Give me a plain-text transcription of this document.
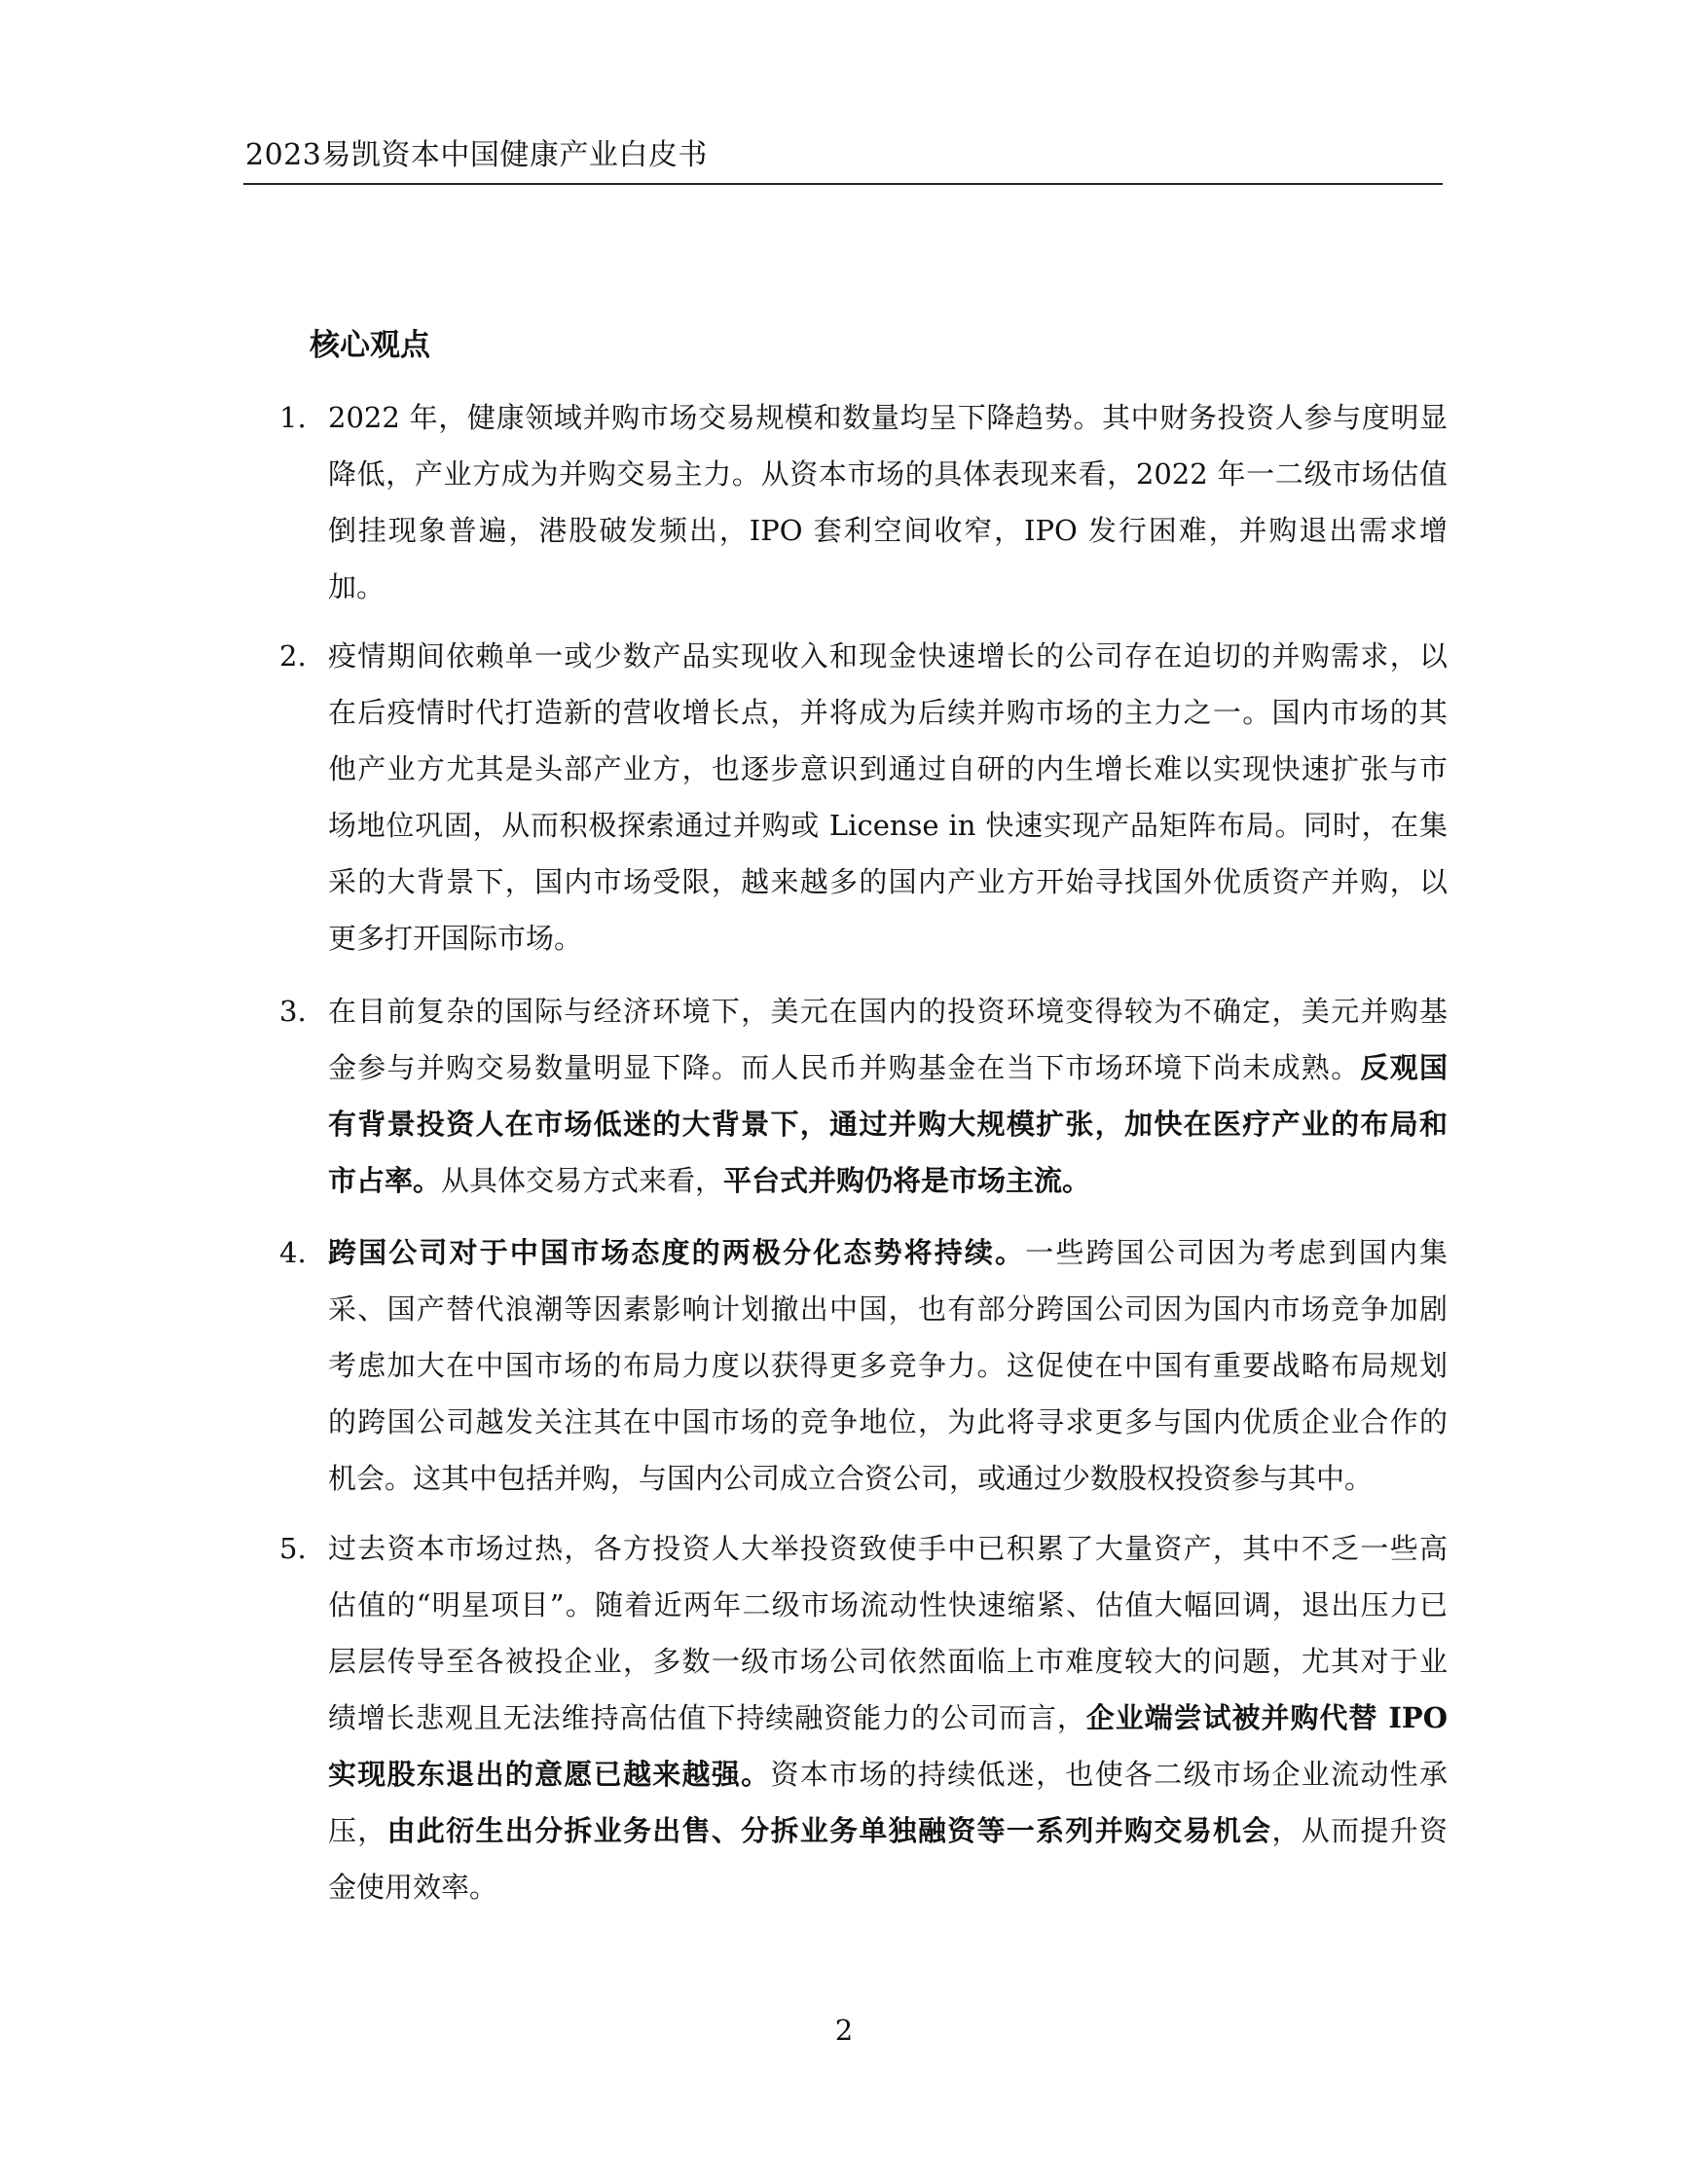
2023易凯资本中国健康产业白皮书
核心观点
1. 2022 年，健康领域并购市场交易规模和数量均呈下降趋势。其中财务投资人参与度明显
降低，产业方成为并购交易主力。从资本市场的具体表现来看，2022 年一二级市场估值
倒挂现象普遍，港股破发频出，IPO 套利空间收窄，IPO 发行困难，并购退出需求增
加。
2. 疫情期间依赖单一或少数产品实现收入和现金快速增长的公司存在迫切的并购需求，以
在后疫情时代打造新的营收增长点，并将成为后续并购市场的主力之一。国内市场的其
他产业方尤其是头部产业方，也逐步意识到通过自研的内生增长难以实现快速扩张与市
场地位巩固，从而积极探索通过并购或 License in 快速实现产品矩阵布局。同时，在集
采的大背景下，国内市场受限，越来越多的国内产业方开始寻找国外优质资产并购，以
更多打开国际市场。
3. 在目前复杂的国际与经济环境下，美元在国内的投资环境变得较为不确定，美元并购基
金参与并购交易数量明显下降。而人民币并购基金在当下市场环境下尚未成熟。反观国
有背景投资人在市场低迷的大背景下，通过并购大规模扩张，加快在医疗产业的布局和
市占率。从具体交易方式来看，平台式并购仍将是市场主流。
4. 跨国公司对于中国市场态度的两极分化态势将持续。一些跨国公司因为考虑到国内集
采、国产替代浪潮等因素影响计划撤出中国，也有部分跨国公司因为国内市场竞争加剧
考虑加大在中国市场的布局力度以获得更多竞争力。这促使在中国有重要战略布局规划
的跨国公司越发关注其在中国市场的竞争地位，为此将寻求更多与国内优质企业合作的
机会。这其中包括并购，与国内公司成立合资公司，或通过少数股权投资参与其中。
5. 过去资本市场过热，各方投资人大举投资致使手中已积累了大量资产，其中不乏一些高
估值的“明星项目”。随着近两年二级市场流动性快速缩紧、估值大幅回调，退出压力已
层层传导至各被投企业，多数一级市场公司依然面临上市难度较大的问题，尤其对于业
绩增长悲观且无法维持高估值下持续融资能力的公司而言，企业端尝试被并购代替 IPO
实现股东退出的意愿已越来越强。资本市场的持续低迷，也使各二级市场企业流动性承
压，由此衍生出分拆业务出售、分拆业务单独融资等一系列并购交易机会，从而提升资
金使用效率。
2
